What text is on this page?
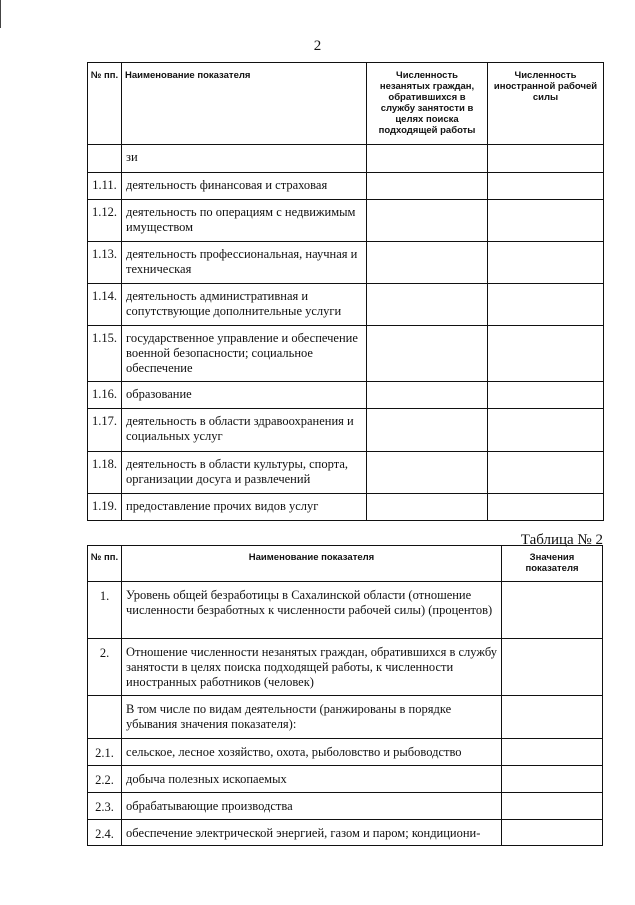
2
№ пп.	Наименование показателя	Численность незанятых граждан, обратившихся в службу занятости в целях поиска подходящей работы	Численность иностранной рабочей силы
	зи		
1.11.	деятельность финансовая и страховая		
1.12.	деятельность по операциям с недвижимым имуществом		
1.13.	деятельность профессиональная, научная и техническая		
1.14.	деятельность административная и сопутствующие дополнительные услуги		
1.15.	государственное управление и обеспечение военной безопасности; социальное обеспечение		
1.16.	образование		
1.17.	деятельность в области здравоохранения и социальных услуг		
1.18.	деятельность в области культуры, спорта, организации досуга и развлечений		
1.19.	предоставление прочих видов услуг		
Таблица № 2
№ пп.	Наименование показателя	Значения показателя
1.	Уровень общей безработицы в Сахалинской области (отношение численности безработных к численности рабочей силы) (процентов)	
2.	Отношение численности незанятых граждан, обратившихся в службу занятости в целях поиска подходящей работы, к численности иностранных работников (человек)	
	В том числе по видам деятельности (ранжированы в порядке убывания значения показателя):	
2.1.	сельское, лесное хозяйство, охота, рыболовство и рыбоводство	
2.2.	добыча полезных ископаемых	
2.3.	обрабатывающие производства	
2.4.	обеспечение электрической энергией, газом и паром; кондициони-	
